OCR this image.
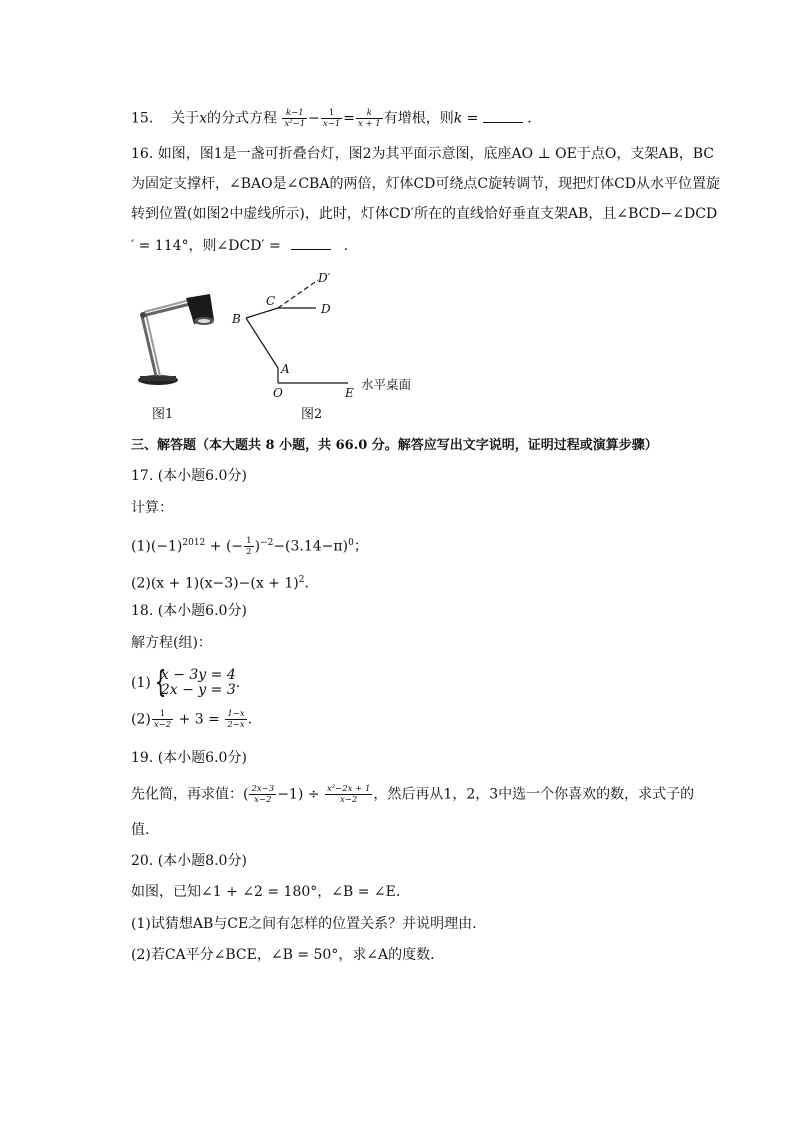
15. 关于x的分式方程 $\frac{k-1}{\text{x²−1}} - \frac{1}{x-1} = \frac{k}{x + 1}$ 有增根，则k =	.
16. 如图，图1是一盏可折叠台灯，图2为其平面示意图，底座AO ⊥ OE于点O，支架AB，BC
为固定支撑杆，∠BAO是∠CBA的两倍，灯体CD可绕点C旋转调节，现把灯体CD从水平位置旋
转到位置(如图2中虚线所示)，此时，灯体CD′所在的直线恰好垂直支架AB，且∠BCD−∠DCD
′ = 114°，则∠DCD′ =	.
图1
B
C
D
D′
A
O	E
水平桌面
图2
三、解答题（本大题共 8 小题，共 66.0 分。解答应写出文字说明，证明过程或演算步骤）
17. (本小题6.0分)
计算：
$(1)(-1)^{2012}$ + (− $\frac{1}{2} )^{-2}-(3.14-\pi)^0$；
$(2)(x + 1)(x-3)-(x + 1)^2$.
18. (本小题6.0分)
解方程(组)：
(1) {
x − 3y = 4
2x − y = 3 .
$(2) \frac{1}{x-2} + 3 = \frac{1-x}{2-x}$ .
19. (本小题6.0分)
先化简，再求值：( $\frac{2x-3}{x-2} -1) \div \frac{\text{x²−2x + 1}}{x-2}$ ，然后再从1，2，3中选一个你喜欢的数，求式子的
值.
20. (本小题8.0分)
如图，已知∠1 + ∠2 = 180°，∠B = ∠E.
(1)试猜想AB与CE之间有怎样的位置关系？并说明理由.
(2)若CA平分∠BCE，∠B = 50°，求∠A的度数.
